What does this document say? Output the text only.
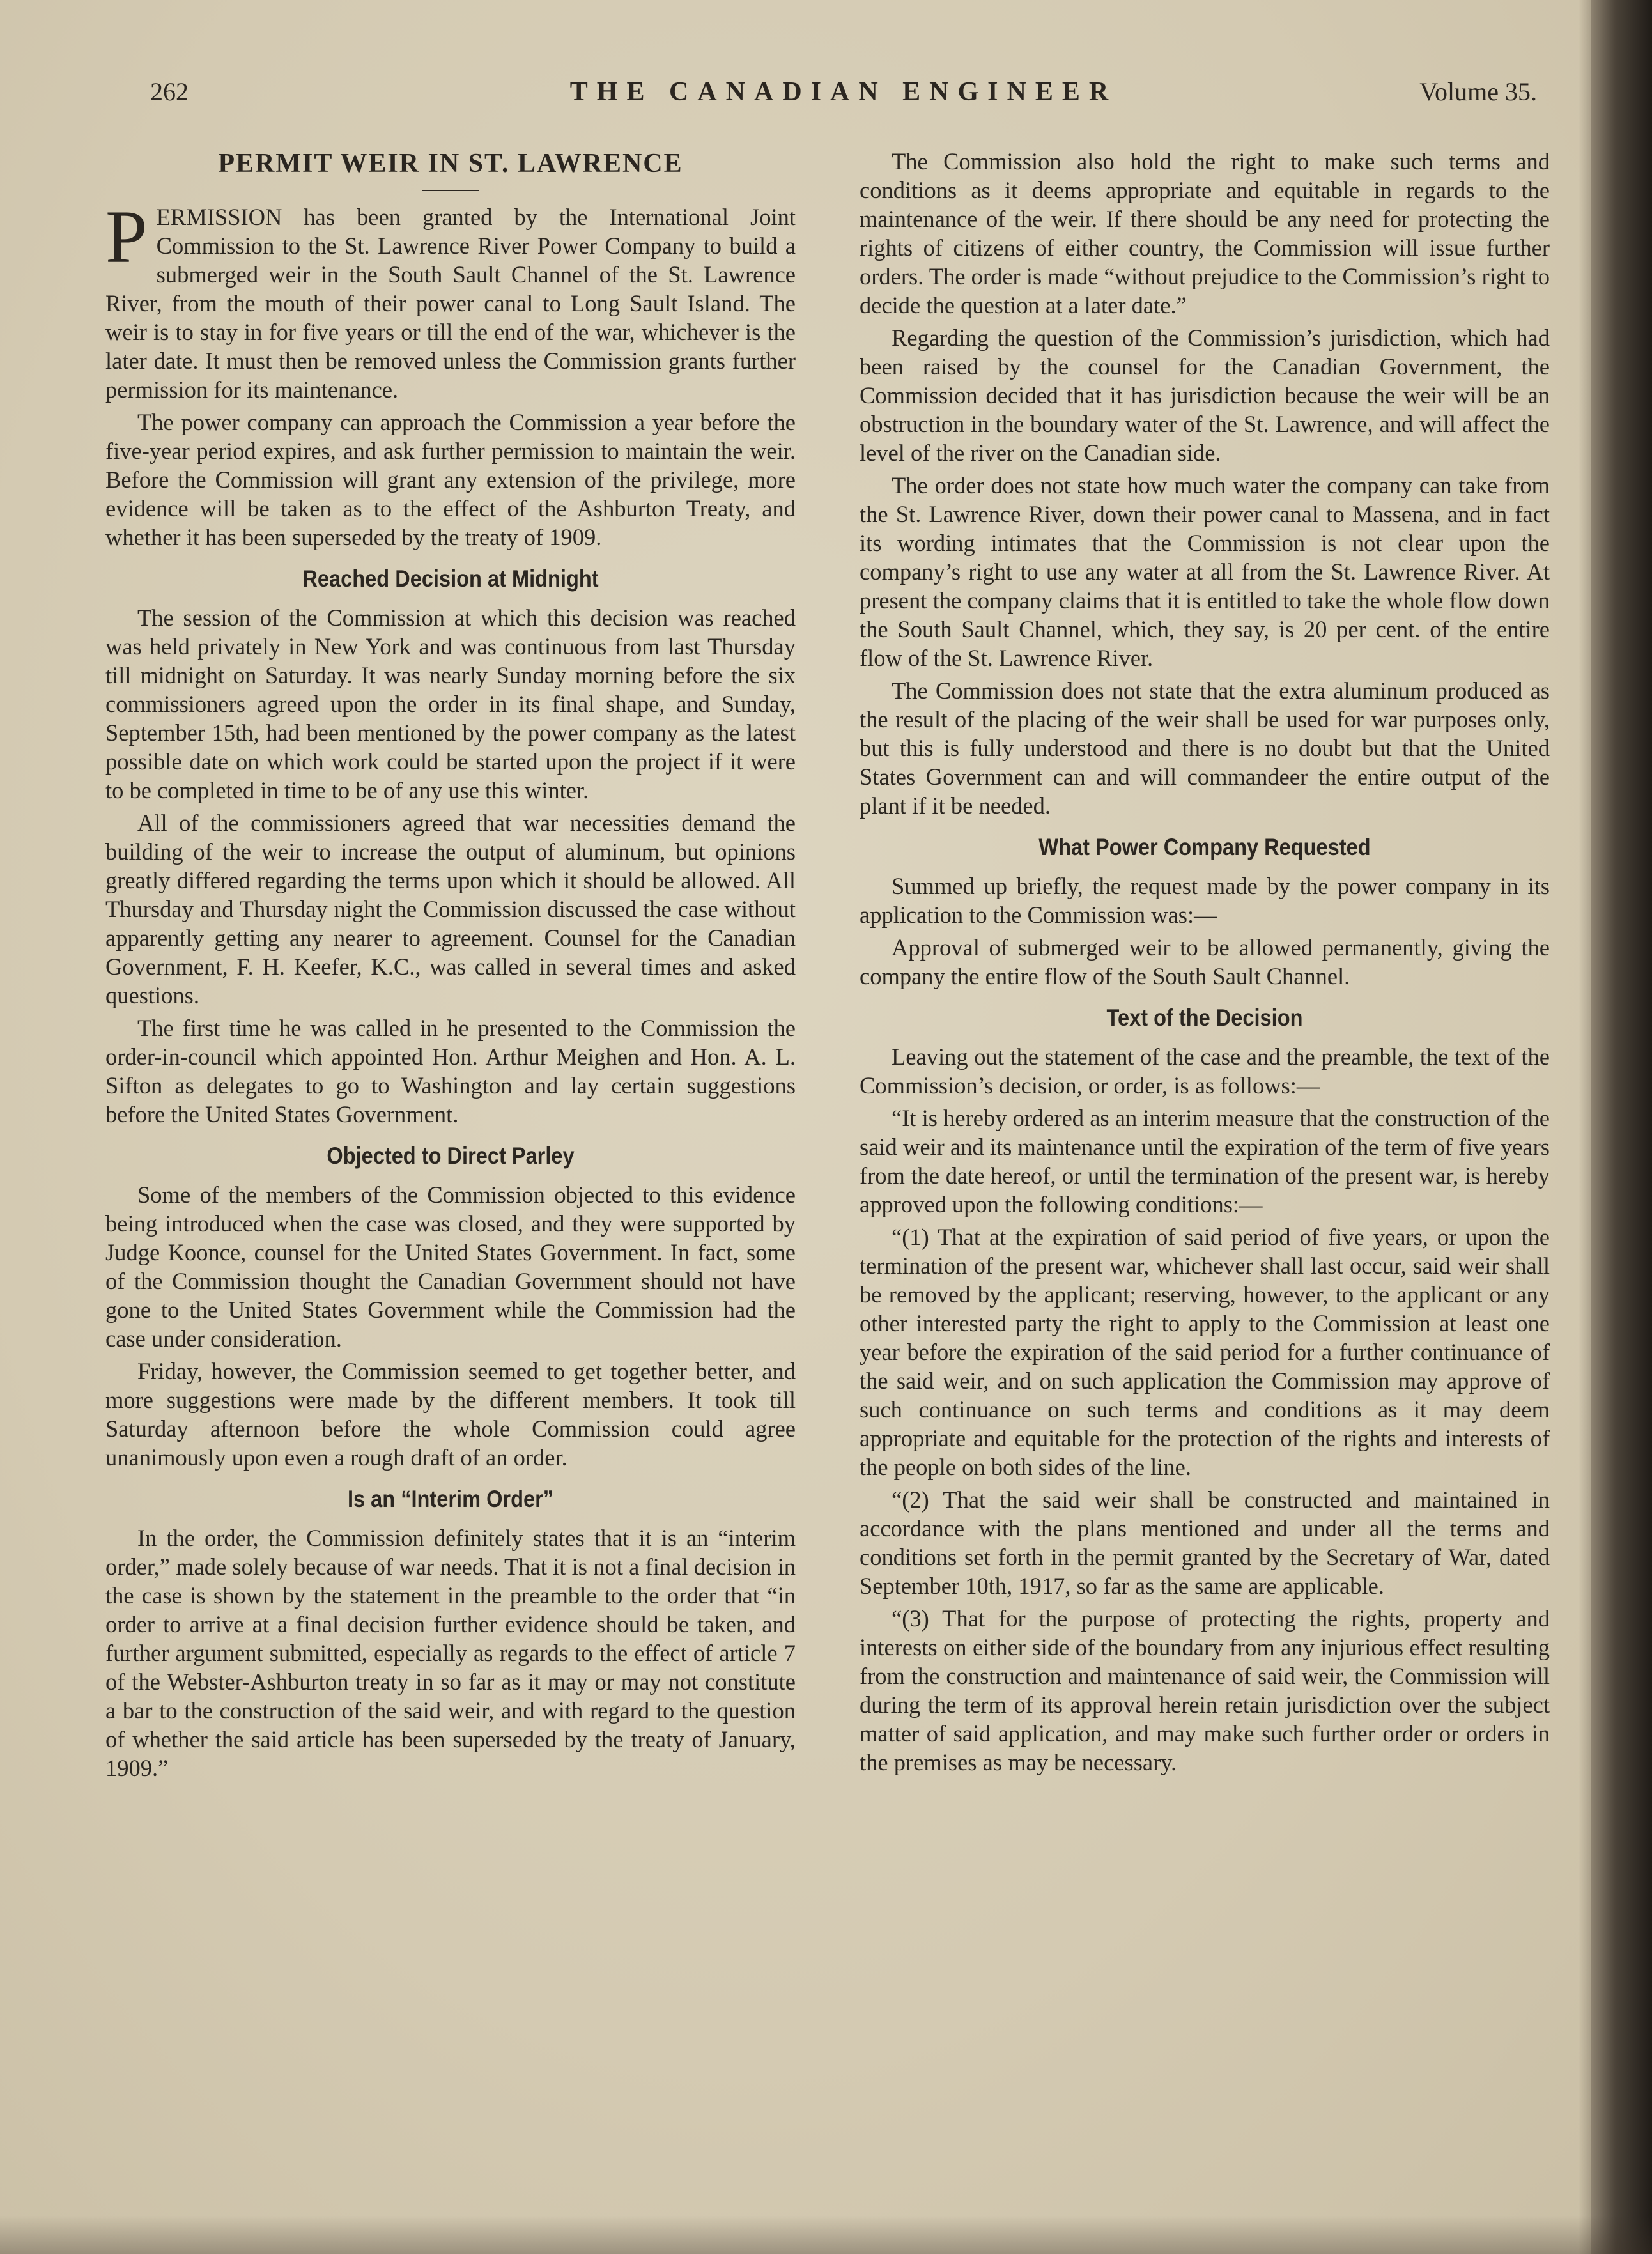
262	THE CANADIAN ENGINEER	Volume 35.
PERMIT WEIR IN ST. LAWRENCE

PERMISSION has been granted by the International Joint Commission to the St. Lawrence River Power Company to build a submerged weir in the South Sault Channel of the St. Lawrence River, from the mouth of their power canal to Long Sault Island. The weir is to stay in for five years or till the end of the war, whichever is the later date. It must then be removed unless the Commission grants further permission for its maintenance.

The power company can approach the Commission a year before the five-year period expires, and ask further permission to maintain the weir. Before the Commission will grant any extension of the privilege, more evidence will be taken as to the effect of the Ashburton Treaty, and whether it has been superseded by the treaty of 1909.

Reached Decision at Midnight

The session of the Commission at which this decision was reached was held privately in New York and was continuous from last Thursday till midnight on Saturday. It was nearly Sunday morning before the six commissioners agreed upon the order in its final shape, and Sunday, September 15th, had been mentioned by the power company as the latest possible date on which work could be started upon the project if it were to be completed in time to be of any use this winter.

All of the commissioners agreed that war necessities demand the building of the weir to increase the output of aluminum, but opinions greatly differed regarding the terms upon which it should be allowed. All Thursday and Thursday night the Commission discussed the case without apparently getting any nearer to agreement. Counsel for the Canadian Government, F. H. Keefer, K.C., was called in several times and asked questions.

The first time he was called in he presented to the Commission the order-in-council which appointed Hon. Arthur Meighen and Hon. A. L. Sifton as delegates to go to Washington and lay certain suggestions before the United States Government.

Objected to Direct Parley

Some of the members of the Commission objected to this evidence being introduced when the case was closed, and they were supported by Judge Koonce, counsel for the United States Government. In fact, some of the Commission thought the Canadian Government should not have gone to the United States Government while the Commission had the case under consideration.

Friday, however, the Commission seemed to get together better, and more suggestions were made by the different members. It took till Saturday afternoon before the whole Commission could agree unanimously upon even a rough draft of an order.

Is an “Interim Order”

In the order, the Commission definitely states that it is an “interim order,” made solely because of war needs. That it is not a final decision in the case is shown by the statement in the preamble to the order that “in order to arrive at a final decision further evidence should be taken, and further argument submitted, especially as regards to the effect of article 7 of the Webster-Ashburton treaty in so far as it may or may not constitute a bar to the construction of the said weir, and with regard to the question of whether the said article has been superseded by the treaty of January, 1909.”

The Commission also hold the right to make such terms and conditions as it deems appropriate and equitable in regards to the maintenance of the weir. If there should be any need for protecting the rights of citizens of either country, the Commission will issue further orders. The order is made “without prejudice to the Commission’s right to decide the question at a later date.”

Regarding the question of the Commission’s jurisdiction, which had been raised by the counsel for the Canadian Government, the Commission decided that it has jurisdiction because the weir will be an obstruction in the boundary water of the St. Lawrence, and will affect the level of the river on the Canadian side.

The order does not state how much water the company can take from the St. Lawrence River, down their power canal to Massena, and in fact its wording intimates that the Commission is not clear upon the company’s right to use any water at all from the St. Lawrence River. At present the company claims that it is entitled to take the whole flow down the South Sault Channel, which, they say, is 20 per cent. of the entire flow of the St. Lawrence River.

The Commission does not state that the extra aluminum produced as the result of the placing of the weir shall be used for war purposes only, but this is fully understood and there is no doubt but that the United States Government can and will commandeer the entire output of the plant if it be needed.

What Power Company Requested

Summed up briefly, the request made by the power company in its application to the Commission was:—

Approval of submerged weir to be allowed permanently, giving the company the entire flow of the South Sault Channel.

Text of the Decision

Leaving out the statement of the case and the preamble, the text of the Commission’s decision, or order, is as follows:—

“It is hereby ordered as an interim measure that the construction of the said weir and its maintenance until the expiration of the term of five years from the date hereof, or until the termination of the present war, is hereby approved upon the following conditions:—

“(1) That at the expiration of said period of five years, or upon the termination of the present war, whichever shall last occur, said weir shall be removed by the applicant; reserving, however, to the applicant or any other interested party the right to apply to the Commission at least one year before the expiration of the said period for a further continuance of the said weir, and on such application the Commission may approve of such continuance on such terms and conditions as it may deem appropriate and equitable for the protection of the rights and interests of the people on both sides of the line.

“(2) That the said weir shall be constructed and maintained in accordance with the plans mentioned and under all the terms and conditions set forth in the permit granted by the Secretary of War, dated September 10th, 1917, so far as the same are applicable.

“(3) That for the purpose of protecting the rights, property and interests on either side of the boundary from any injurious effect resulting from the construction and maintenance of said weir, the Commission will during the term of its approval herein retain jurisdiction over the subject matter of said application, and may make such further order or orders in the premises as may be necessary.
